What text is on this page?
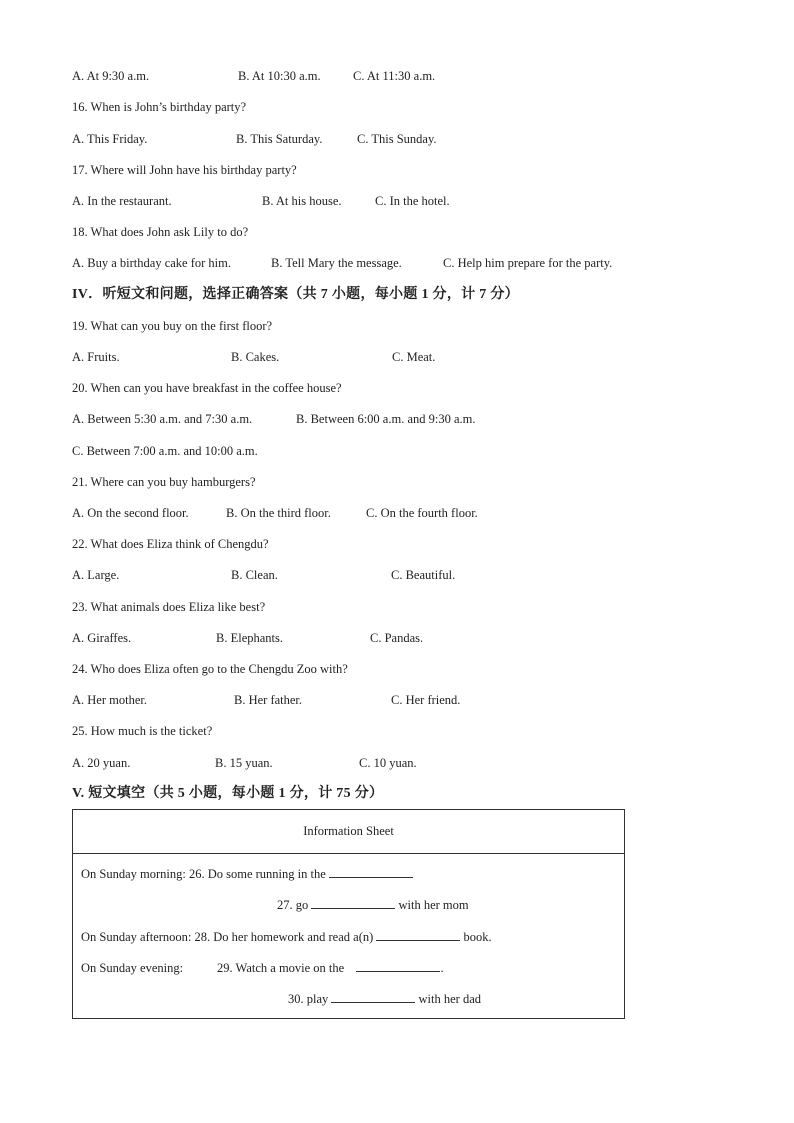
A. At 9:30 a.m.	B. At 10:30 a.m.	C. At 11:30 a.m.
16. When is John’s birthday party?
A. This Friday.	B. This Saturday.	C. This Sunday.
17. Where will John have his birthday party?
A. In the restaurant.	B. At his house.	C. In the hotel.
18. What does John ask Lily to do?
A. Buy a birthday cake for him.	B. Tell Mary the message.	C. Help him prepare for the party.
IV．听短文和问题，选择正确答案（共 7 小题，每小题 1 分，计 7 分）
19. What can you buy on the first floor?
A. Fruits.	B. Cakes.	C. Meat.
20. When can you have breakfast in the coffee house?
A. Between 5:30 a.m. and 7:30 a.m.	B. Between 6:00 a.m. and 9:30 a.m.
C. Between 7:00 a.m. and 10:00 a.m.
21. Where can you buy hamburgers?
A. On the second floor.	B. On the third floor.	C. On the fourth floor.
22. What does Eliza think of Chengdu?
A. Large.	B. Clean.	C. Beautiful.
23. What animals does Eliza like best?
A. Giraffes.	B. Elephants.	C. Pandas.
24. Who does Eliza often go to the Chengdu Zoo with?
A. Her mother.	B. Her father.	C. Her friend.
25. How much is the ticket?
A. 20 yuan.	B. 15 yuan.	C. 10 yuan.
V. 短文填空（共 5 小题，每小题 1 分，计 75 分）
Information Sheet
On Sunday morning: 26. Do some running in the
27. go	with her mom
On Sunday afternoon: 28. Do her homework and read a(n)	book.
On Sunday evening:	29. Watch a movie on the	.
30. play	with her dad
